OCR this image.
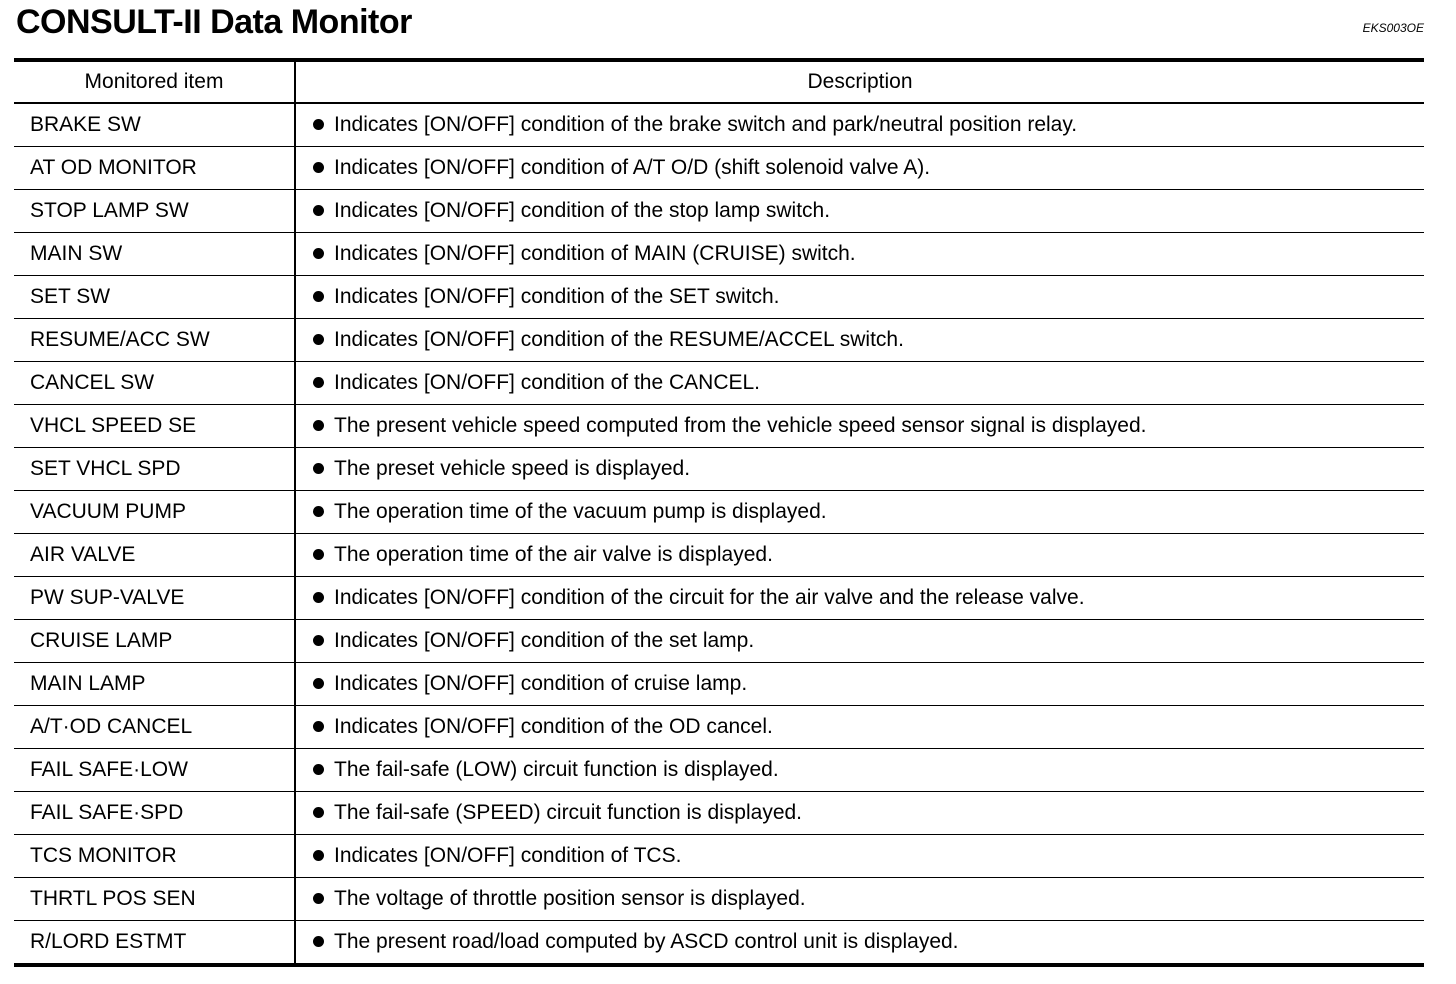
CONSULT-II Data Monitor	EKS003OE
Monitored item	Description
BRAKE SW	Indicates [ON/OFF] condition of the brake switch and park/neutral position relay.
AT OD MONITOR	Indicates [ON/OFF] condition of A/T O/D (shift solenoid valve A).
STOP LAMP SW	Indicates [ON/OFF] condition of the stop lamp switch.
MAIN SW	Indicates [ON/OFF] condition of MAIN (CRUISE) switch.
SET SW	Indicates [ON/OFF] condition of the SET switch.
RESUME/ACC SW	Indicates [ON/OFF] condition of the RESUME/ACCEL switch.
CANCEL SW	Indicates [ON/OFF] condition of the CANCEL.
VHCL SPEED SE	The present vehicle speed computed from the vehicle speed sensor signal is displayed.
SET VHCL SPD	The preset vehicle speed is displayed.
VACUUM PUMP	The operation time of the vacuum pump is displayed.
AIR VALVE	The operation time of the air valve is displayed.
PW SUP-VALVE	Indicates [ON/OFF] condition of the circuit for the air valve and the release valve.
CRUISE LAMP	Indicates [ON/OFF] condition of the set lamp.
MAIN LAMP	Indicates [ON/OFF] condition of cruise lamp.
A/T·OD CANCEL	Indicates [ON/OFF] condition of the OD cancel.
FAIL SAFE·LOW	The fail-safe (LOW) circuit function is displayed.
FAIL SAFE·SPD	The fail-safe (SPEED) circuit function is displayed.
TCS MONITOR	Indicates [ON/OFF] condition of TCS.
THRTL POS SEN	The voltage of throttle position sensor is displayed.
R/LORD ESTMT	The present road/load computed by ASCD control unit is displayed.
